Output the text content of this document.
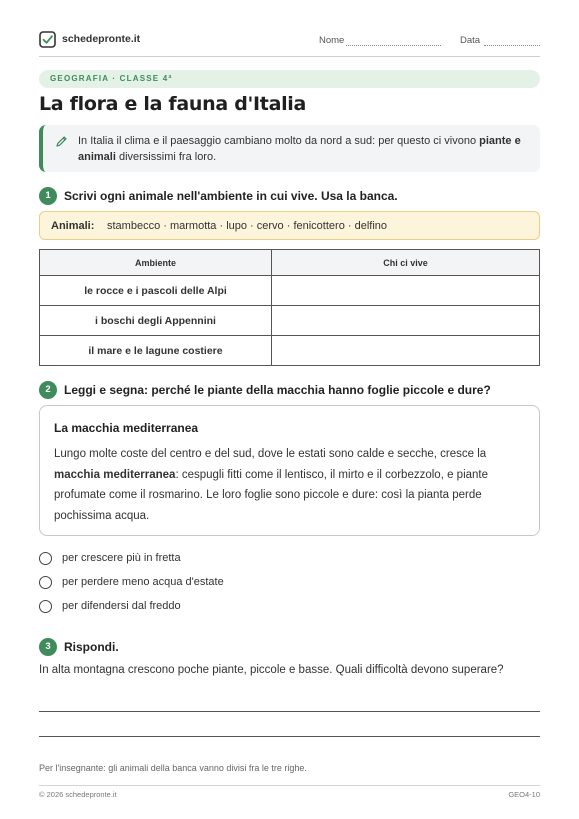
schedepronte.it	Nome	Data
GEOGRAFIA · CLASSE 4ª
La flora e la fauna d'Italia
In Italia il clima e il paesaggio cambiano molto da nord a sud: per questo ci vivono piante e animali diversissimi fra loro.
1	Scrivi ogni animale nell'ambiente in cui vive. Usa la banca.
Animali: stambecco · marmotta · lupo · cervo · fenicottero · delfino
Ambiente	Chi ci vive
le rocce e i pascoli delle Alpi	
i boschi degli Appennini	
il mare e le lagune costiere	
2	Leggi e segna: perché le piante della macchia hanno foglie piccole e dure?
La macchia mediterranea
Lungo molte coste del centro e del sud, dove le estati sono calde e secche, cresce la macchia mediterranea: cespugli fitti come il lentisco, il mirto e il corbezzolo, e piante profumate come il rosmarino. Le loro foglie sono piccole e dure: così la pianta perde pochissima acqua.
per crescere più in fretta
per perdere meno acqua d'estate
per difendersi dal freddo
3	Rispondi.
In alta montagna crescono poche piante, piccole e basse. Quali difficoltà devono superare?
Per l'insegnante: gli animali della banca vanno divisi fra le tre righe.
© 2026 schedepronte.it	GEO4-10
